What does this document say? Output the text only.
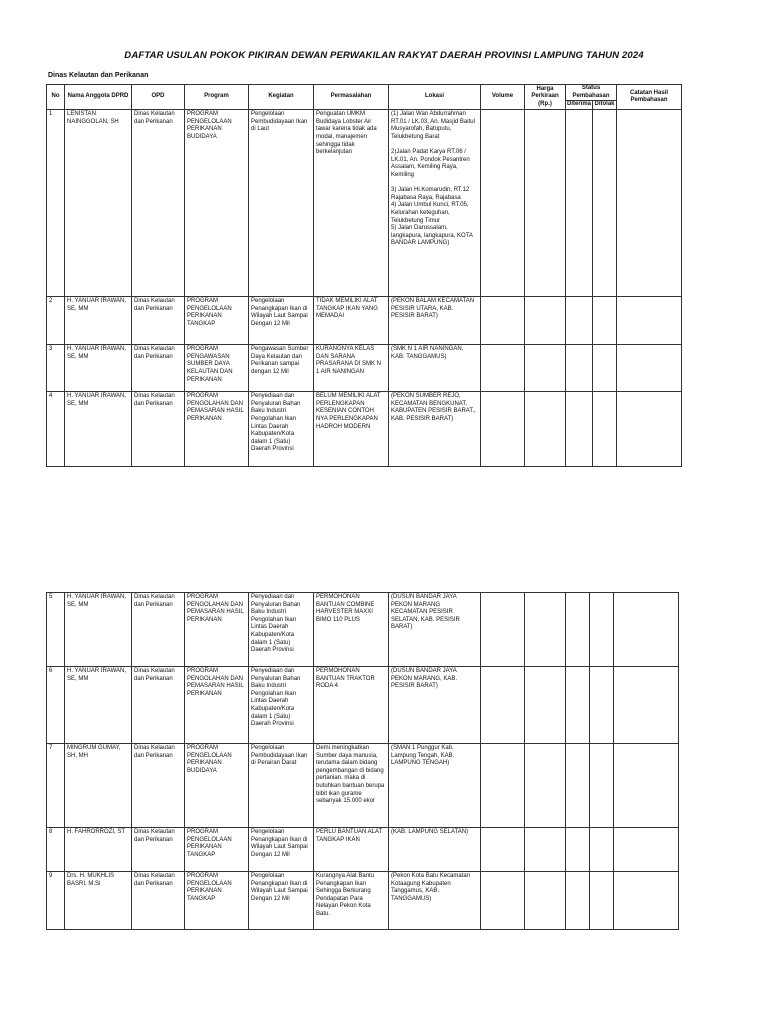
DAFTAR USULAN POKOK PIKIRAN DEWAN PERWAKILAN RAKYAT DAERAH PROVINSI LAMPUNG TAHUN 2024
Dinas Kelautan dan Perikanan
No	Nama Anggota DPRD	OPD	Program	Kegiatan	Permasalahan	Lokasi	Volume	Harga Perkiraan (Rp.)	Status Pembahasan		Catatan Hasil Pembahasan
									Diterima	Ditolak	
1	LENISTAN NAINGGOLAN, SH	Dinas Kelautan dan Perikanan	PROGRAM PENGELOLAAN PERIKANAN BUDIDAYA	Pengelolaan Pembudidayaan Ikan di Laut	Penguatan UMKM Budidaya Lobster Air tawar karena tidak ada modal, manajemen sehingga tidak berkelanjutan	(1) Jalan Wan Abdurrahman RT.01 / LK.03, An. Masjid Baitul Musyarofah, Batuputu, Telukbetung Barat

2)Jalan Padat Karya RT.06 / LK.01, An. Pondok Pesantren Assalam, Kemiling Raya, Kemiling

3) Jalan Hi.Komarudin, RT.12 Rajabasa Raya, Rajabasa
4) Jalan Umbul Kunci, RT.05, Kelurahan keteguhan, Telukbetung Timur
5) Jalan Darussalam, langkapura, langkapura, KOTA BANDAR LAMPUNG)					
2	H. YANUAR IRAWAN, SE, MM	Dinas Kelautan dan Perikanan	PROGRAM PENGELOLAAN PERIKANAN TANGKAP	Pengelolaan Penangkapan Ikan di Wilayah Laut Sampai Dengan 12 Mil	TIDAK MEMILIKI ALAT TANGKAP IKAN YANG MEMADAI	(PEKON BALAM KECAMATAN PESISIR UTARA, KAB. PESISIR BARAT)					
3	H. YANUAR IRAWAN, SE, MM	Dinas Kelautan dan Perikanan	PROGRAM PENGAWASAN SUMBER DAYA KELAUTAN DAN PERIKANAN	Pengawasan Sumber Daya Kelautan dan Perikanan sampai dengan 12 Mil	KURANGNYA KELAS DAN SARANA PRASARANA DI SMK N 1 AIR NANINGAN	(SMK N 1 AIR NANINGAN, KAB. TANGGAMUS)					
4	H. YANUAR IRAWAN, SE, MM	Dinas Kelautan dan Perikanan	PROGRAM PENGOLAHAN DAN PEMASARAN HASIL PERIKANAN	Penyediaan dan Penyaluran Bahan Baku Industri Pengolahan Ikan Lintas Daerah Kabupaten/Kota dalam 1 (Satu) Daerah Provinsi	BELUM MEMILIKI ALAT PERLENGKAPAN KESENIAN CONTOH NYA PERLENGKAPAN HADROH MODERN	(PEKON SUMBER REJO, KECAMATAN BENGKUNAT, KABUPATEN PESISIR BARAT., KAB. PESISIR BARAT)					
5	H. YANUAR IRAWAN, SE, MM	Dinas Kelautan dan Perikanan	PROGRAM PENGOLAHAN DAN PEMASARAN HASIL PERIKANAN	Penyediaan dan Penyaluran Bahan Baku Industri Pengolahan Ikan Lintas Daerah Kabupaten/Kota dalam 1 (Satu) Daerah Provinsi	PERMOHONAN BANTUAN COMBINE HARVESTER MAXXI BIMO 110 PLUS	(DUSUN BANDAR JAYA PEKON MARANG KECAMATAN PESISIR SELATAN, KAB. PESISIR BARAT)					
6	H. YANUAR IRAWAN, SE, MM	Dinas Kelautan dan Perikanan	PROGRAM PENGOLAHAN DAN PEMASARAN HASIL PERIKANAN	Penyediaan dan Penyaluran Bahan Baku Industri Pengolahan Ikan Lintas Daerah Kabupaten/Kota dalam 1 (Satu) Daerah Provinsi	PERMOHONAN BANTUAN TRAKTOR RODA 4	(DUSUN BANDAR JAYA PEKON MARANG, KAB. PESISIR BARAT)					
7	MINGRUM GUMAY, SH, MH	Dinas Kelautan dan Perikanan	PROGRAM PENGELOLAAN PERIKANAN BUDIDAYA	Pengelolaan Pembudidayaan Ikan di Perairan Darat	Demi meningkatkan Sumber daya manusia, terutama dalam bidang pengembangan di bidang pertanian. maka di butuhkan bantuan berupa bibit ikan gurame sebanyak 15.000 ekor	(SMAN 1 Punggur Kab. Lampung Tengah, KAB. LAMPUNG TENGAH)					
8	H. FAHRORROZI, ST	Dinas Kelautan dan Perikanan	PROGRAM PENGELOLAAN PERIKANAN TANGKAP	Pengelolaan Penangkapan Ikan di Wilayah Laut Sampai Dengan 12 Mil	PERLU BANTUAN ALAT TANGKAP IKAN	(KAB. LAMPUNG SELATAN)					
9	Drs. H. MUKHLIS BASRI, M.Si	Dinas Kelautan dan Perikanan	PROGRAM PENGELOLAAN PERIKANAN TANGKAP	Pengelolaan Penangkapan Ikan di Wilayah Laut Sampai Dengan 12 Mil	Kurangnya Alat Bantu Penangkapan Ikan Sehingga Berkurang Pendapatan Para Nelayan Pekon Kota Batu.	(Pekon Kota Batu Kecamatan Kotaagung Kabupaten Tanggamus, KAB. TANGGAMUS)					
